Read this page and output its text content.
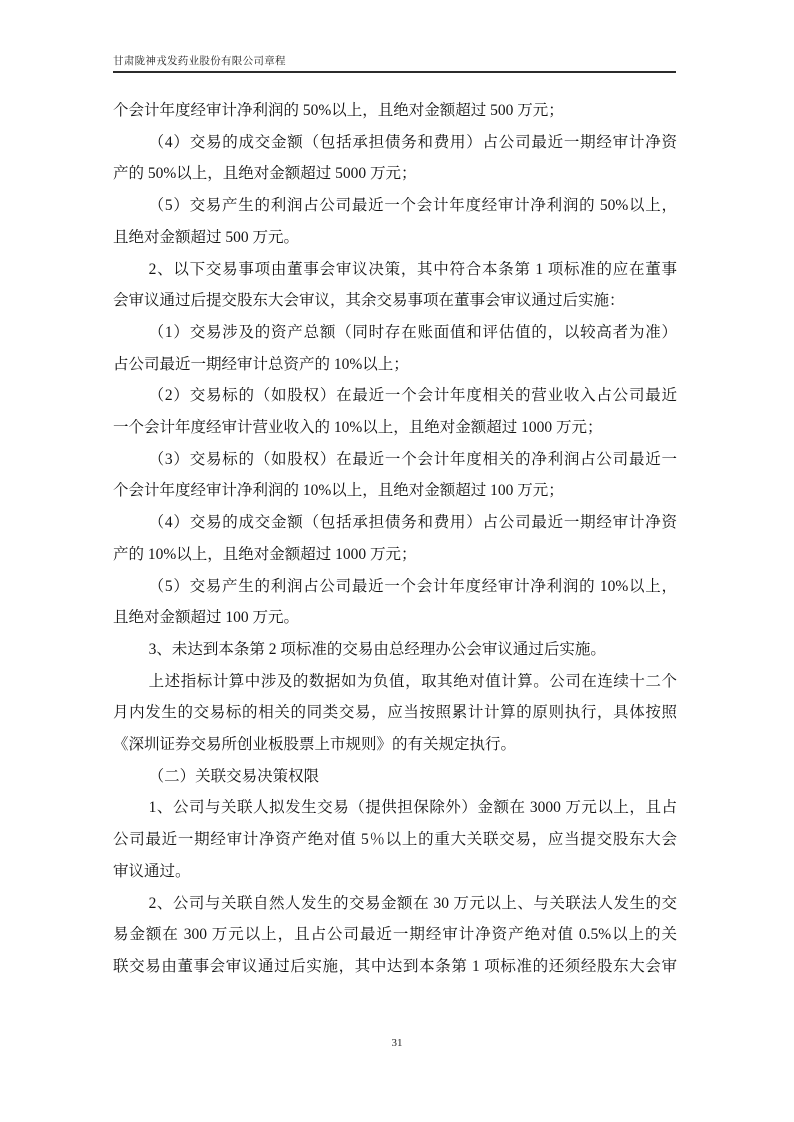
甘肃陇神戎发药业股份有限公司章程
个会计年度经审计净利润的 50%以上，且绝对金额超过 500 万元；
（4）交易的成交金额（包括承担债务和费用）占公司最近一期经审计净资
产的 50%以上，且绝对金额超过 5000 万元；
（5）交易产生的利润占公司最近一个会计年度经审计净利润的 50%以上，
且绝对金额超过 500 万元。
2、以下交易事项由董事会审议决策，其中符合本条第 1 项标准的应在董事
会审议通过后提交股东大会审议，其余交易事项在董事会审议通过后实施：
（1）交易涉及的资产总额（同时存在账面值和评估值的，以较高者为准）
占公司最近一期经审计总资产的 10%以上；
（2）交易标的（如股权）在最近一个会计年度相关的营业收入占公司最近
一个会计年度经审计营业收入的 10%以上，且绝对金额超过 1000 万元；
（3）交易标的（如股权）在最近一个会计年度相关的净利润占公司最近一
个会计年度经审计净利润的 10%以上，且绝对金额超过 100 万元；
（4）交易的成交金额（包括承担债务和费用）占公司最近一期经审计净资
产的 10%以上，且绝对金额超过 1000 万元；
（5）交易产生的利润占公司最近一个会计年度经审计净利润的 10%以上，
且绝对金额超过 100 万元。
3、未达到本条第 2 项标准的交易由总经理办公会审议通过后实施。
上述指标计算中涉及的数据如为负值，取其绝对值计算。公司在连续十二个
月内发生的交易标的相关的同类交易，应当按照累计计算的原则执行，具体按照
《深圳证券交易所创业板股票上市规则》的有关规定执行。
（二）关联交易决策权限
1、公司与关联人拟发生交易（提供担保除外）金额在 3000 万元以上，且占
公司最近一期经审计净资产绝对值 5％以上的重大关联交易，应当提交股东大会
审议通过。
2、公司与关联自然人发生的交易金额在 30 万元以上、与关联法人发生的交
易金额在 300 万元以上，且占公司最近一期经审计净资产绝对值 0.5%以上的关
联交易由董事会审议通过后实施，其中达到本条第 1 项标准的还须经股东大会审
31
